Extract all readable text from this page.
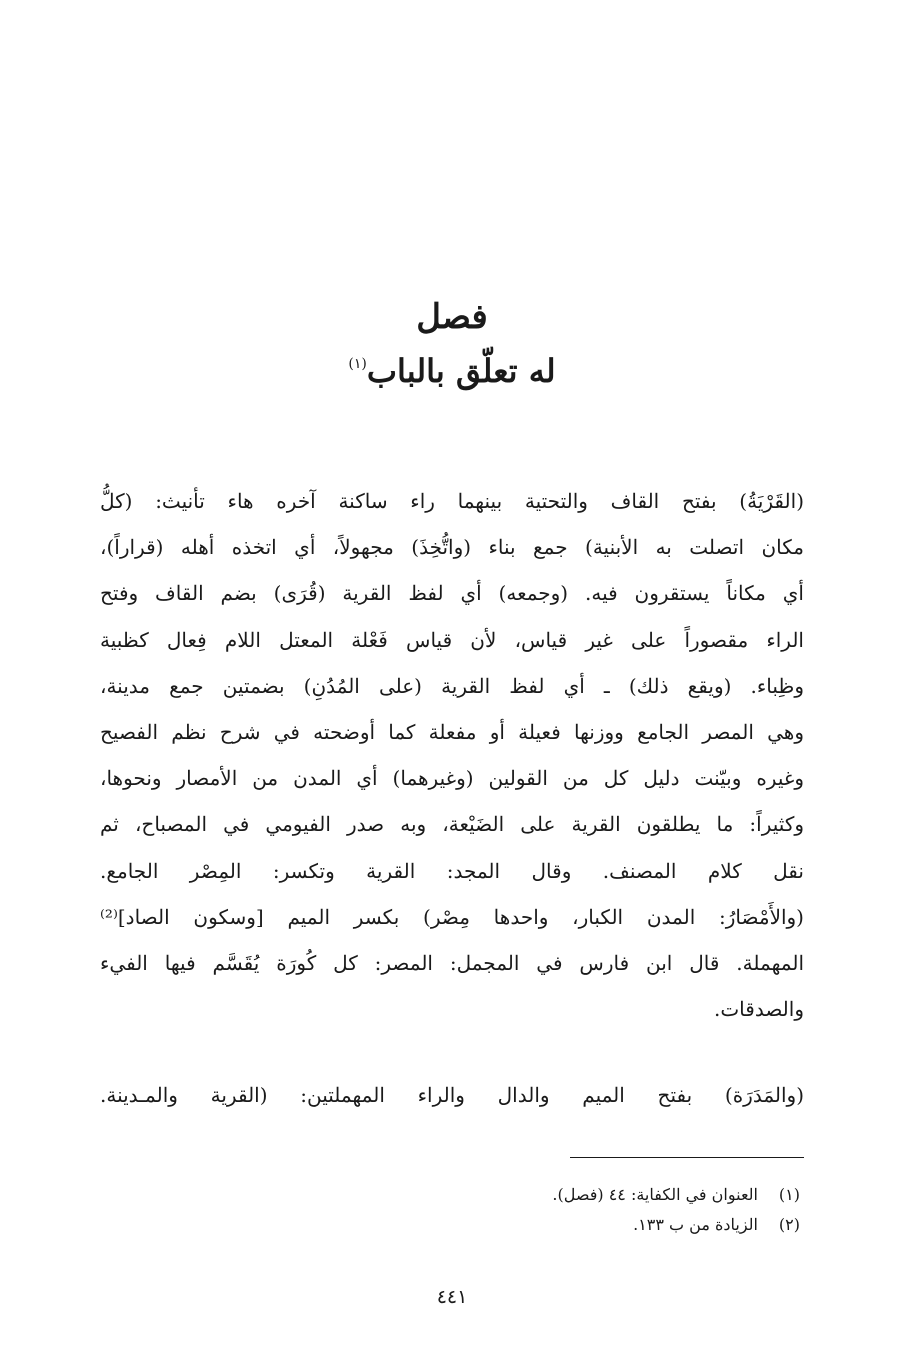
فصل
له تعلّق بالباب$^{(١)}$
(القَرْيَةُ) بفتح القاف والتحتية بينهما راء ساكنة آخره هاء تأنيث: (كلُّ
مكان اتصلت به الأبنية) جمع بناء (واتُّخِذَ) مجهولاً، أي اتخذه أهله (قراراً)،
أي مكاناً يستقرون فيه. (وجمعه) أي لفظ القرية (قُرَى) بضم القاف وفتح
الراء مقصوراً على غير قياس، لأن قياس فَعْلة المعتل اللام فِعال كظبية
وظِباء. (ويقع ذلك) ـ أي لفظ القرية (على المُدُنِ) بضمتين جمع مدينة،
وهي المصر الجامع ووزنها فعيلة أو مفعلة كما أوضحته في شرح نظم الفصيح
وغيره وبيّنت دليل كل من القولين (وغيرهما) أي المدن من الأمصار ونحوها،
وكثيراً: ما يطلقون القرية على الضَيْعة، وبه صدر الفيومي في المصباح، ثم
نقل كلام المصنف. وقال المجد: القرية وتكسر: المِصْر الجامع.
(والأَمْصَارُ: المدن الكبار، واحدها مِصْر) بكسر الميم [وسكون الصاد]⁽²⁾
المهملة. قال ابن فارس في المجمل: المصر: كل كُورَة يُقَسَّم فيها الفيء
والصدقات.
(والمَدَرَة) بفتح الميم والدال والراء المهملتين: (القرية والمـدينة.
(١)العنوان في الكفاية: ٤٤ (فصل).
(٢)الزيادة من ب ١٣٣.
٤٤١
